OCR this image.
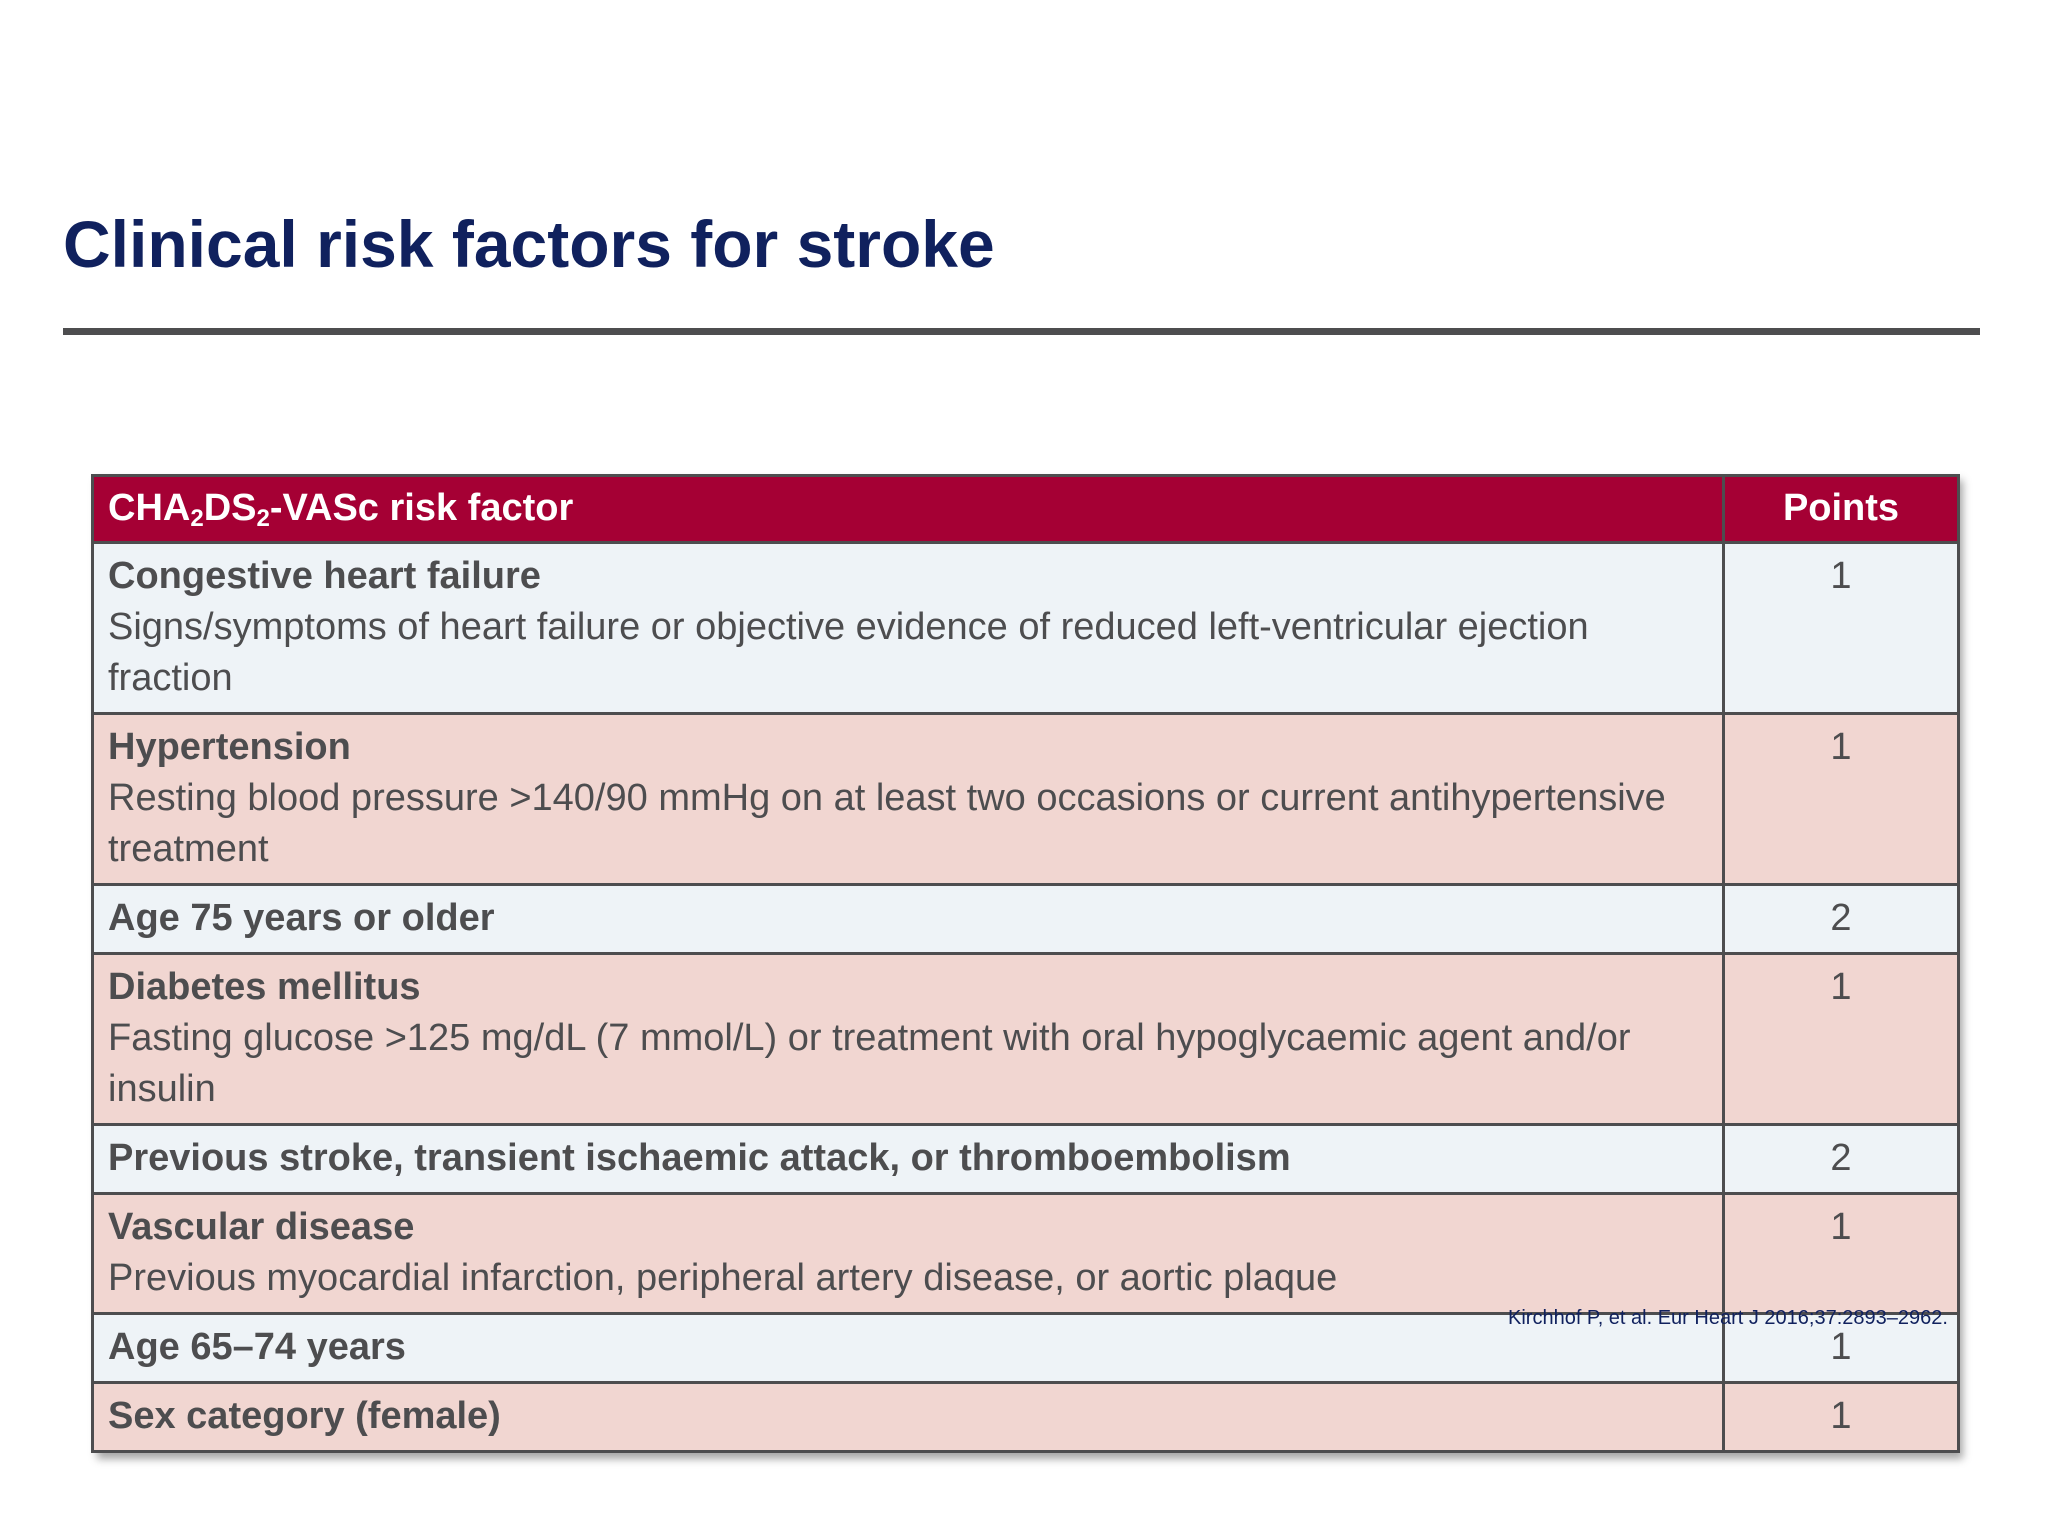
Clinical risk factors for stroke
$CHA_2DS_2$-VASc risk factor	Points

Congestive heart failure
Signs/symptoms of heart failure or objective evidence of reduced left-ventricular ejection fraction	1

Hypertension
Resting blood pressure >140/90 mmHg on at least two occasions or current antihypertensive treatment	1

Age 75 years or older	2

Diabetes mellitus
Fasting glucose >125 mg/dL (7 mmol/L) or treatment with oral hypoglycaemic agent and/or insulin	1

Previous stroke, transient ischaemic attack, or thromboembolism	2

Vascular disease
Previous myocardial infarction, peripheral artery disease, or aortic plaque	1

Age 65–74 years	1

Sex category (female)	1
Kirchhof P, et al. Eur Heart J 2016;37:2893–2962.
